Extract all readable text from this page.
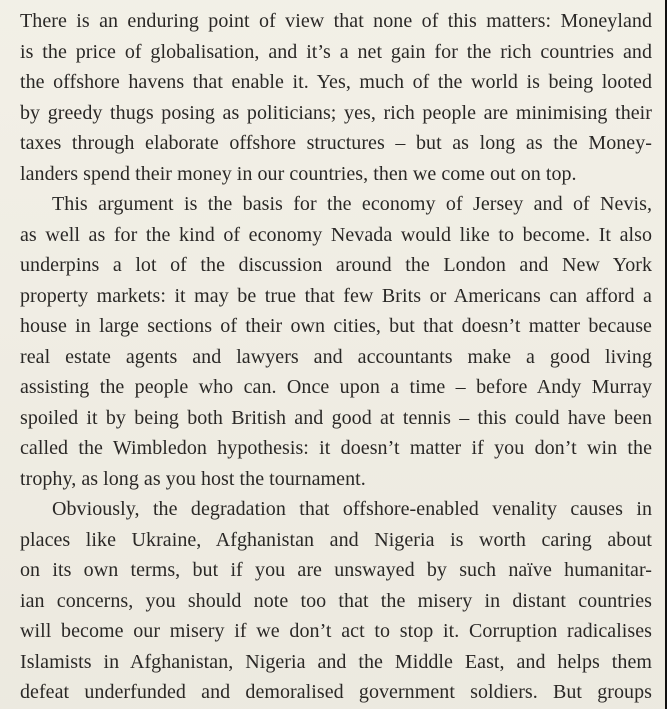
There is an enduring point of view that none of this matters: Moneyland
is the price of globalisation, and it’s a net gain for the rich countries and
the offshore havens that enable it. Yes, much of the world is being looted
by greedy thugs posing as politicians; yes, rich people are minimising their
taxes through elaborate offshore structures – but as long as the Money-
landers spend their money in our countries, then we come out on top.
This argument is the basis for the economy of Jersey and of Nevis,
as well as for the kind of economy Nevada would like to become. It also
underpins a lot of the discussion around the London and New York
property markets: it may be true that few Brits or Americans can afford a
house in large sections of their own cities, but that doesn’t matter because
real estate agents and lawyers and accountants make a good living
assisting the people who can. Once upon a time – before Andy Murray
spoiled it by being both British and good at tennis – this could have been
called the Wimbledon hypothesis: it doesn’t matter if you don’t win the
trophy, as long as you host the tournament.
Obviously, the degradation that offshore-enabled venality causes in
places like Ukraine, Afghanistan and Nigeria is worth caring about
on its own terms, but if you are unswayed by such naïve humanitar-
ian concerns, you should note too that the misery in distant countries
will become our misery if we don’t act to stop it. Corruption radicalises
Islamists in Afghanistan, Nigeria and the Middle East, and helps them
defeat underfunded and demoralised government soldiers. But groups
